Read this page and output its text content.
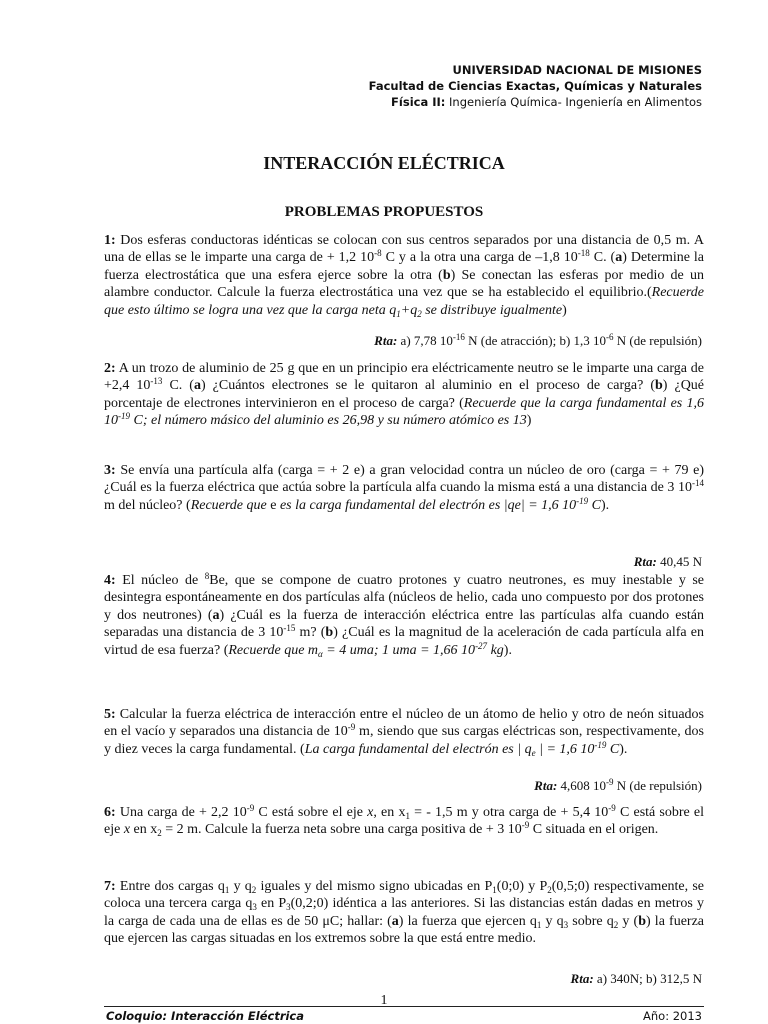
UNIVERSIDAD NACIONAL DE MISIONES
Facultad de Ciencias Exactas, Químicas y Naturales
Física II: Ingeniería Química- Ingeniería en Alimentos
INTERACCIÓN ELÉCTRICA
PROBLEMAS PROPUESTOS
1: Dos esferas conductoras idénticas se colocan con sus centros separados por una distancia de 0,5 m. A una de ellas se le imparte una carga de + 1,2 $10^{-8}$ C y a la otra una carga de –1,8 $10^{-18}$ C. (a) Determine la fuerza electrostática que una esfera ejerce sobre la otra (b) Se conectan las esferas por medio de un alambre conductor. Calcule la fuerza electrostática una vez que se ha establecido el equilibrio.(Recuerde que esto último se logra una vez que la carga neta $q_1+q_2$ se distribuye igualmente)
Rta: a) 7,78 $10^{-16}$ N (de atracción); b) 1,3 $10^{-6}$ N (de repulsión)
2: A un trozo de aluminio de 25 g que en un principio era eléctricamente neutro se le imparte una carga de +2,4 $10^{-13}$ C. (a) ¿Cuántos electrones se le quitaron al aluminio en el proceso de carga? (b) ¿Qué porcentaje de electrones intervinieron en el proceso de carga? (Recuerde que la carga fundamental es 1,6 $10^{-19}$ C; el número másico del aluminio es 26,98 y su número atómico es 13)
3: Se envía una partícula alfa (carga = + 2 e) a gran velocidad contra un núcleo de oro (carga = + 79 e)¿Cuál es la fuerza eléctrica que actúa sobre la partícula alfa cuando la misma está a una distancia de 3 $10^{-14}$ m del núcleo? (Recuerde que e es la carga fundamental del electrón es |qe| = 1,6 $10^{-19}$ C).
Rta: 40,45 N
4: El núcleo de $^8$Be, que se compone de cuatro protones y cuatro neutrones, es muy inestable y se desintegra espontáneamente en dos partículas alfa (núcleos de helio, cada uno compuesto por dos protones y dos neutrones) (a) ¿Cuál es la fuerza de interacción eléctrica entre las partículas alfa cuando están separadas una distancia de 3 $10^{-15}$ m? (b) ¿Cuál es la magnitud de la aceleración de cada partícula alfa en virtud de esa fuerza? (Recuerde que $m_\alpha = 4$ uma; 1 uma = 1,66 $10^{-27}$ kg).
5: Calcular la fuerza eléctrica de interacción entre el núcleo de un átomo de helio y otro de neón situados en el vacío y separados una distancia de $10^{-9}$ m, siendo que sus cargas eléctricas son, respectivamente, dos y diez veces la carga fundamental. (La carga fundamental del electrón es | $q_e$ | = 1,6 $10^{-19}$ C).
Rta: 4,608 $10^{-9}$ N (de repulsión)
6: Una carga de + 2,2 $10^{-9}$ C está sobre el eje x, en $x_1$ = - 1,5 m y otra carga de + 5,4 $10^{-9}$ C está sobre el eje x en $x_2 = 2$ m. Calcule la fuerza neta sobre una carga positiva de + 3 $10^{-9}$ C situada en el origen.
7: Entre dos cargas $q_1$ y $q_2$ iguales y del mismo signo ubicadas en $P_1(0;0)$ y $P_2(0,5;0)$ respectivamente, se coloca una tercera carga $q_3$ en $P_3(0,2;0)$ idéntica a las anteriores. Si las distancias están dadas en metros y la carga de cada una de ellas es de 50 μC; hallar: (a) la fuerza que ejercen $q_1$ y $q_3$ sobre $q_2$ y (b) la fuerza que ejercen las cargas situadas en los extremos sobre la que está entre medio.
Rta: a) 340N; b) 312,5 N
1
Coloquio: Interacción Eléctrica	Año: 2013
